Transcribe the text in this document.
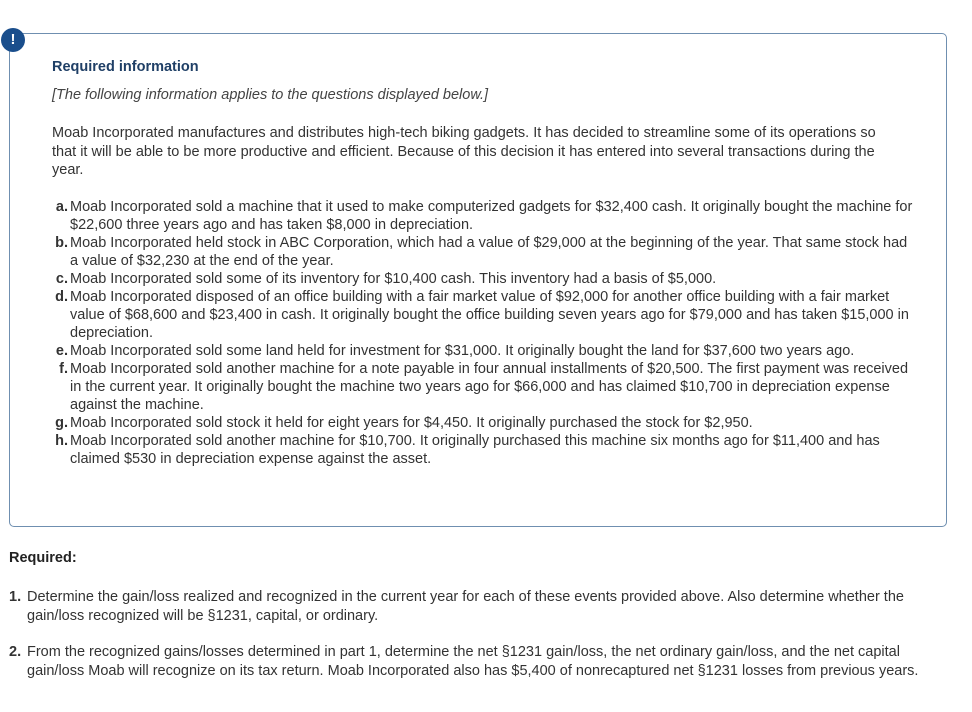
!
Required information
[The following information applies to the questions displayed below.]
Moab Incorporated manufactures and distributes high-tech biking gadgets. It has decided to streamline some of its operations so that it will be able to be more productive and efficient. Because of this decision it has entered into several transactions during the year.
a. Moab Incorporated sold a machine that it used to make computerized gadgets for $32,400 cash. It originally bought the machine for $22,600 three years ago and has taken $8,000 in depreciation.
b. Moab Incorporated held stock in ABC Corporation, which had a value of $29,000 at the beginning of the year. That same stock had a value of $32,230 at the end of the year.
c. Moab Incorporated sold some of its inventory for $10,400 cash. This inventory had a basis of $5,000.
d. Moab Incorporated disposed of an office building with a fair market value of $92,000 for another office building with a fair market value of $68,600 and $23,400 in cash. It originally bought the office building seven years ago for $79,000 and has taken $15,000 in depreciation.
e. Moab Incorporated sold some land held for investment for $31,000. It originally bought the land for $37,600 two years ago.
f. Moab Incorporated sold another machine for a note payable in four annual installments of $20,500. The first payment was received in the current year. It originally bought the machine two years ago for $66,000 and has claimed $10,700 in depreciation expense against the machine.
g. Moab Incorporated sold stock it held for eight years for $4,450. It originally purchased the stock for $2,950.
h. Moab Incorporated sold another machine for $10,700. It originally purchased this machine six months ago for $11,400 and has claimed $530 in depreciation expense against the asset.
Required:
1. Determine the gain/loss realized and recognized in the current year for each of these events provided above. Also determine whether the gain/loss recognized will be §1231, capital, or ordinary.
2. From the recognized gains/losses determined in part 1, determine the net §1231 gain/loss, the net ordinary gain/loss, and the net capital gain/loss Moab will recognize on its tax return. Moab Incorporated also has $5,400 of nonrecaptured net §1231 losses from previous years.
